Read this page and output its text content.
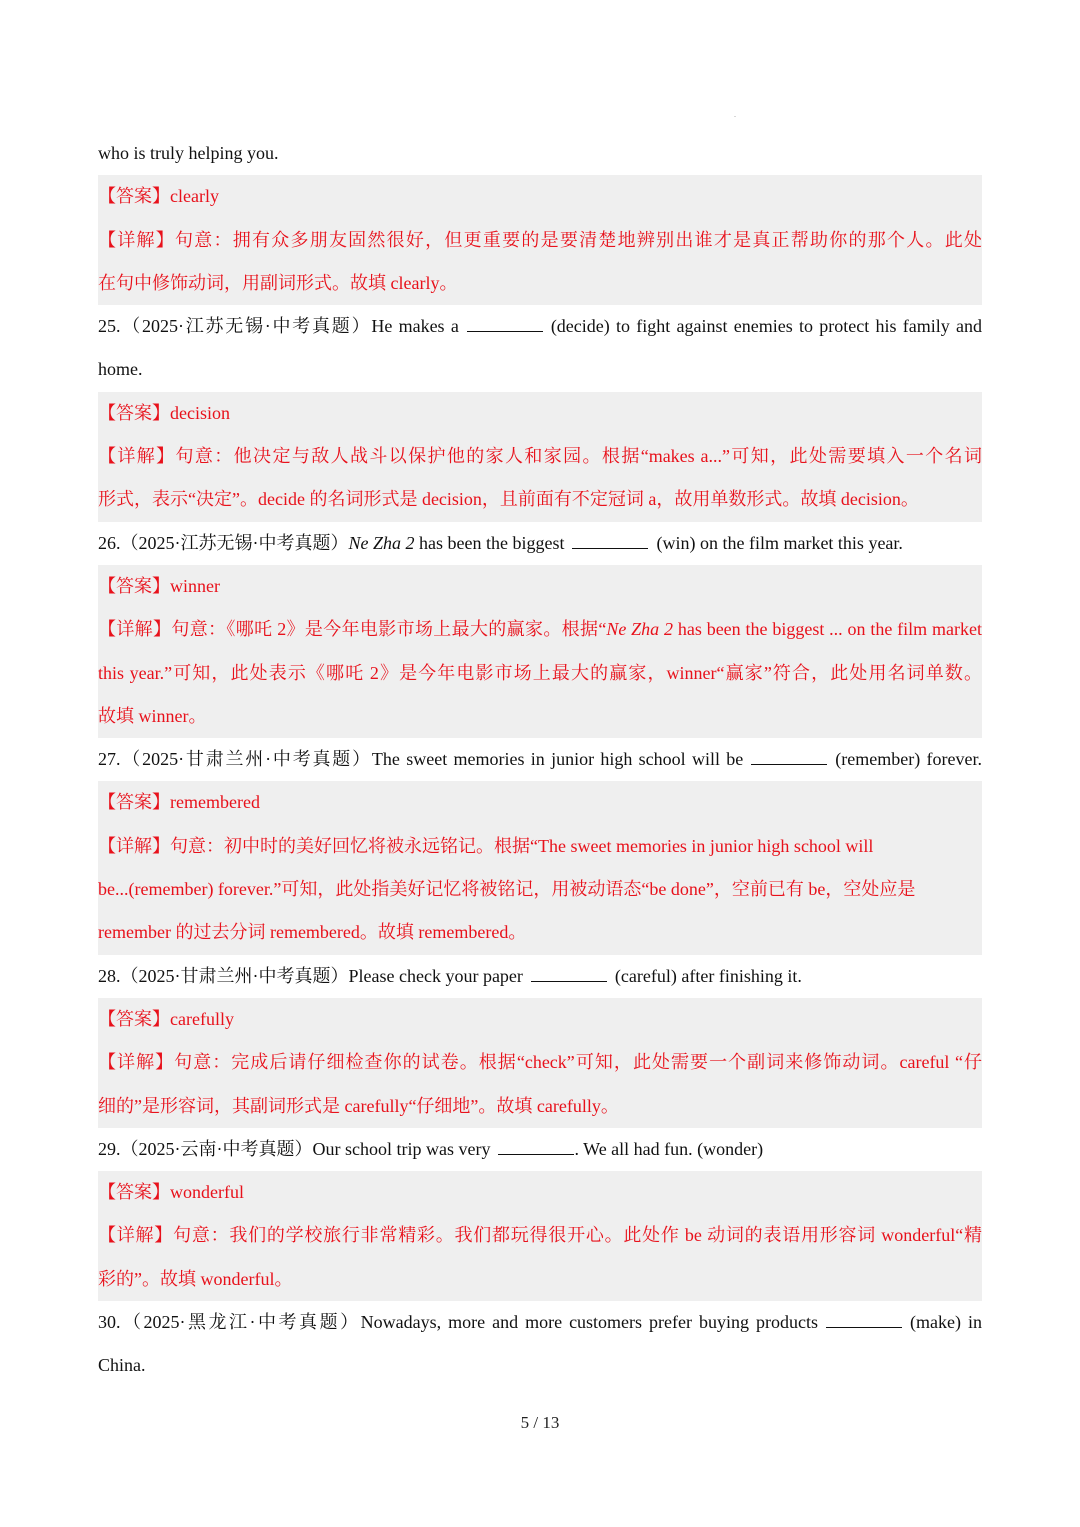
.
who is truly helping you.
【答案】clearly
【详解】句意：拥有众多朋友固然很好，但更重要的是要清楚地辨别出谁才是真正帮助你的那个人。此处
在句中修饰动词，用副词形式。故填 clearly。
25.（2025·江苏无锡·中考真题）He makes a	(decide) to fight against enemies to protect his family and
home.
【答案】decision
【详解】句意：他决定与敌人战斗以保护他的家人和家园。根据“makes a...”可知，此处需要填入一个名词
形式，表示“决定”。decide 的名词形式是 decision，且前面有不定冠词 a，故用单数形式。故填 decision。
26.（2025·江苏无锡·中考真题）Ne Zha 2 has been the biggest	(win) on the film market this year.
【答案】winner
【详解】句意：《哪吒 2》是今年电影市场上最大的赢家。根据“Ne Zha 2 has been the biggest ... on the film market
this year.”可知，此处表示《哪吒 2》是今年电影市场上最大的赢家，winner“赢家”符合，此处用名词单数。
故填 winner。
27.（2025·甘肃兰州·中考真题）The sweet memories in junior high school will be	(remember) forever.
【答案】remembered
【详解】句意：初中时的美好回忆将被永远铭记。根据“The sweet memories in junior high school will
be...(remember) forever.”可知，此处指美好记忆将被铭记，用被动语态“be done”，空前已有 be，空处应是
remember 的过去分词 remembered。故填 remembered。
28.（2025·甘肃兰州·中考真题）Please check your paper	(careful) after finishing it.
【答案】carefully
【详解】句意：完成后请仔细检查你的试卷。根据“check”可知，此处需要一个副词来修饰动词。careful “仔
细的”是形容词，其副词形式是 carefully“仔细地”。故填 carefully。
29.（2025·云南·中考真题）Our school trip was very	. We all had fun. (wonder)
【答案】wonderful
【详解】句意：我们的学校旅行非常精彩。我们都玩得很开心。此处作 be 动词的表语用形容词 wonderful“精
彩的”。故填 wonderful。
30.（2025·黑龙江·中考真题）Nowadays, more and more customers prefer buying products	(make) in
China.
5 / 13
